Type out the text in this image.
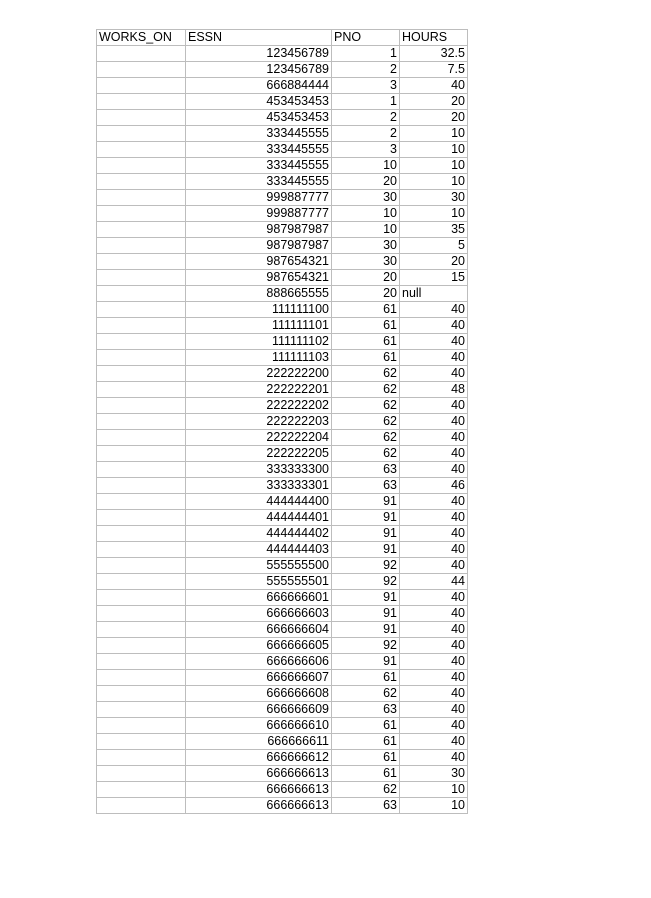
WORKS_ON	ESSN	PNO	HOURS
	123456789	1	32.5
	123456789	2	7.5
	666884444	3	40
	453453453	1	20
	453453453	2	20
	333445555	2	10
	333445555	3	10
	333445555	10	10
	333445555	20	10
	999887777	30	30
	999887777	10	10
	987987987	10	35
	987987987	30	5
	987654321	30	20
	987654321	20	15
	888665555	20	null
	111111100	61	40
	111111101	61	40
	111111102	61	40
	111111103	61	40
	222222200	62	40
	222222201	62	48
	222222202	62	40
	222222203	62	40
	222222204	62	40
	222222205	62	40
	333333300	63	40
	333333301	63	46
	444444400	91	40
	444444401	91	40
	444444402	91	40
	444444403	91	40
	555555500	92	40
	555555501	92	44
	666666601	91	40
	666666603	91	40
	666666604	91	40
	666666605	92	40
	666666606	91	40
	666666607	61	40
	666666608	62	40
	666666609	63	40
	666666610	61	40
	666666611	61	40
	666666612	61	40
	666666613	61	30
	666666613	62	10
	666666613	63	10
